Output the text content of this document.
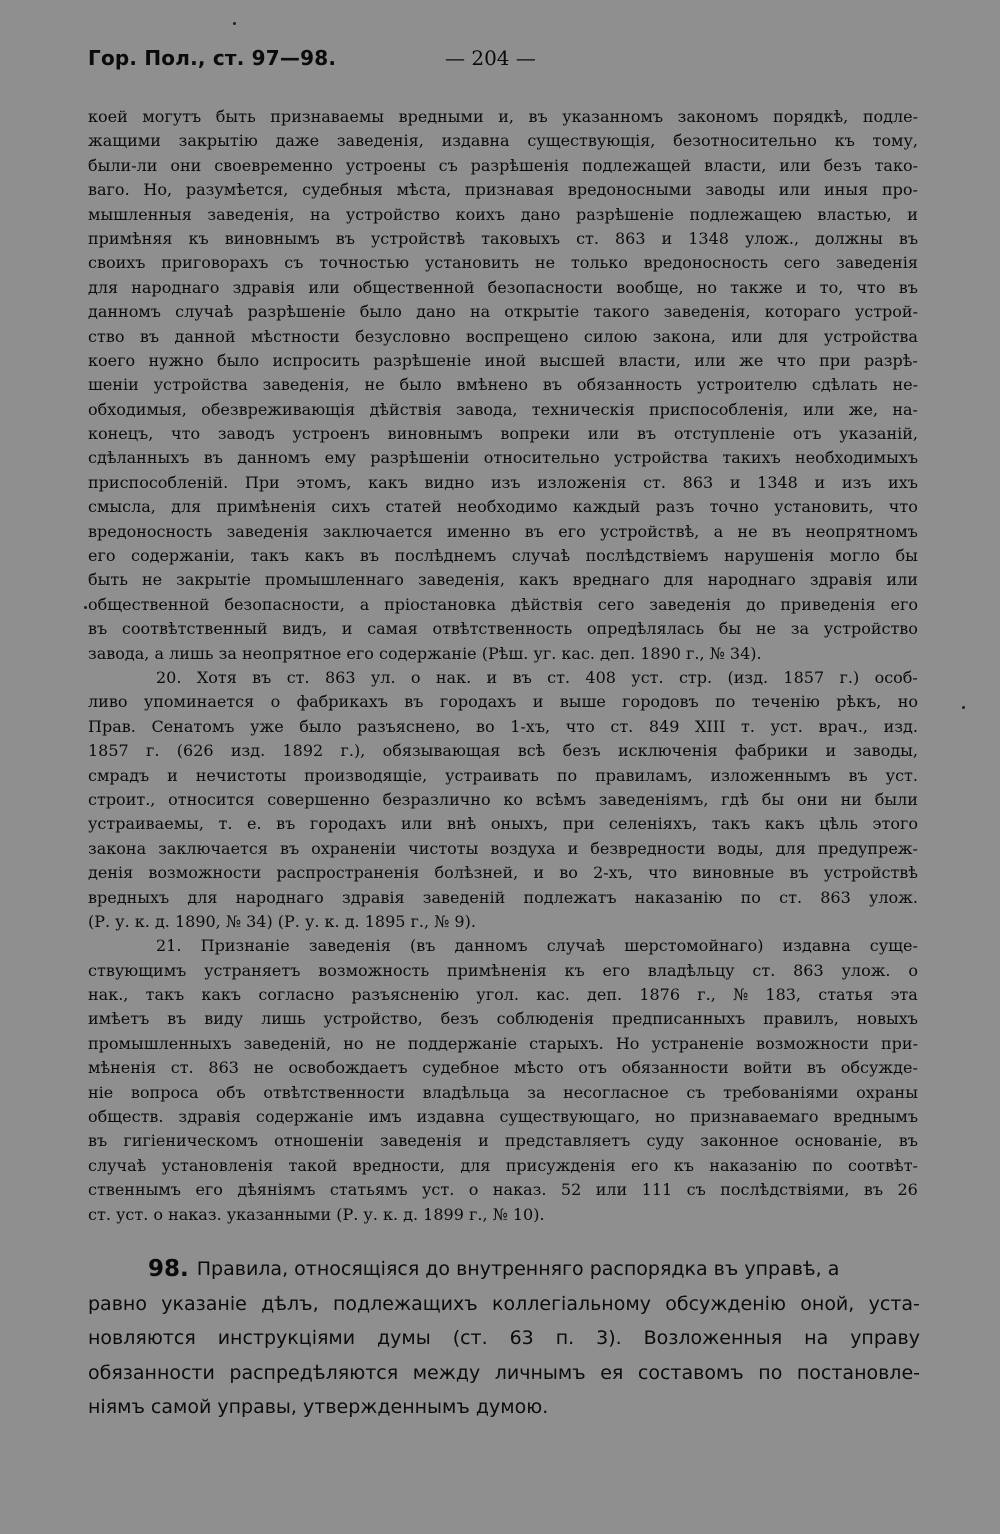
Гор. Пол., ст. 97—98.	— 204 —
коей могутъ быть признаваемы вредными и, въ указанномъ закономъ порядкѣ, подле-
жащими закрытію даже заведенія, издавна существующія, безотносительно къ тому,
были-ли они своевременно устроены съ разрѣшенія подлежащей власти, или безъ тако-
ваго. Но, разумѣется, судебныя мѣста, признавая вредоносными заводы или иныя про-
мышленныя заведенія, на устройство коихъ дано разрѣшеніе подлежащею властью, и
примѣняя къ виновнымъ въ устройствѣ таковыхъ ст. 863 и 1348 улож., должны въ
своихъ приговорахъ съ точностью установить не только вредоносность сего заведенія
для народнаго здравія или общественной безопасности вообще, но также и то, что въ
данномъ случаѣ разрѣшеніе было дано на открытіе такого заведенія, котораго устрой-
ство въ данной мѣстности безусловно воспрещено силою закона, или для устройства
коего нужно было испросить разрѣшеніе иной высшей власти, или же что при разрѣ-
шеніи устройства заведенія, не было вмѣнено въ обязанность устроителю сдѣлать не-
обходимыя, обезвреживающія дѣйствія завода, техническія приспособленія, или же, на-
конецъ, что заводъ устроенъ виновнымъ вопреки или въ отступленіе отъ указаній,
сдѣланныхъ въ данномъ ему разрѣшеніи относительно устройства такихъ необходимыхъ
приспособленій. При этомъ, какъ видно изъ изложенія ст. 863 и 1348 и изъ ихъ
смысла, для примѣненія сихъ статей необходимо каждый разъ точно установить, что
вредоносность заведенія заключается именно въ его устройствѣ, а не въ неопрятномъ
его содержаніи, такъ какъ въ послѣднемъ случаѣ послѣдствіемъ нарушенія могло бы
быть не закрытіе промышленнаго заведенія, какъ вреднаго для народнаго здравія или
общественной безопасности, а пріостановка дѣйствія сего заведенія до приведенія его
въ соотвѣтственный видъ, и самая отвѣтственность опредѣлялась бы не за устройство
завода, а лишь за неопрятное его содержаніе (Рѣш. уг. кас. деп. 1890 г., № 34).
20. Хотя въ ст. 863 ул. о нак. и въ ст. 408 уст. стр. (изд. 1857 г.) особ-
ливо упоминается о фабрикахъ въ городахъ и выше городовъ по теченію рѣкъ, но
Прав. Сенатомъ уже было разъяснено, во 1-хъ, что ст. 849 XIII т. уст. врач., изд.
1857 г. (626 изд. 1892 г.), обязывающая всѣ безъ исключенія фабрики и заводы,
смрадъ и нечистоты производящіе, устраивать по правиламъ, изложеннымъ въ уст.
строит., относится совершенно безразлично ко всѣмъ заведеніямъ, гдѣ бы они ни были
устраиваемы, т. е. въ городахъ или внѣ оныхъ, при селеніяхъ, такъ какъ цѣль этого
закона заключается въ охраненіи чистоты воздуха и безвредности воды, для предупреж-
денія возможности распространенія болѣзней, и во 2-хъ, что виновные въ устройствѣ
вредныхъ для народнаго здравія заведеній подлежатъ наказанію по ст. 863 улож.
(Р. у. к. д. 1890, № 34) (Р. у. к. д. 1895 г., № 9).
21. Признаніе заведенія (въ данномъ случаѣ шерстомойнаго) издавна суще-
ствующимъ устраняетъ возможность примѣненія къ его владѣльцу ст. 863 улож. о
нак., такъ какъ согласно разъясненію угол. кас. деп. 1876 г., № 183, статья эта
имѣетъ въ виду лишь устройство, безъ соблюденія предписанныхъ правилъ, новыхъ
промышленныхъ заведеній, но не поддержаніе старыхъ. Но устраненіе возможности при-
мѣненія ст. 863 не освобождаетъ судебное мѣсто отъ обязанности войти въ обсужде-
ніе вопроса объ отвѣтственности владѣльца за несогласное съ требованіями охраны
обществ. здравія содержаніе имъ издавна существующаго, но признаваемаго вреднымъ
въ гигіеническомъ отношеніи заведенія и представляетъ суду законное основаніе, въ
случаѣ установленія такой вредности, для присужденія его къ наказанію по соотвѣт-
ственнымъ его дѣяніямъ статьямъ уст. о наказ. 52 или 111 съ послѣдствіями, въ 26
ст. уст. о наказ. указанными (Р. у. к. д. 1899 г., № 10).
98. Правила, относящіяся до внутренняго распорядка въ управѣ, а
равно указаніе дѣлъ, подлежащихъ коллегіальному обсужденію оной, уста-
новляются инструкціями думы (ст. 63 п. 3). Возложенныя на управу
обязанности распредѣляются между личнымъ ея составомъ по постановле-
ніямъ самой управы, утвержденнымъ думою.
